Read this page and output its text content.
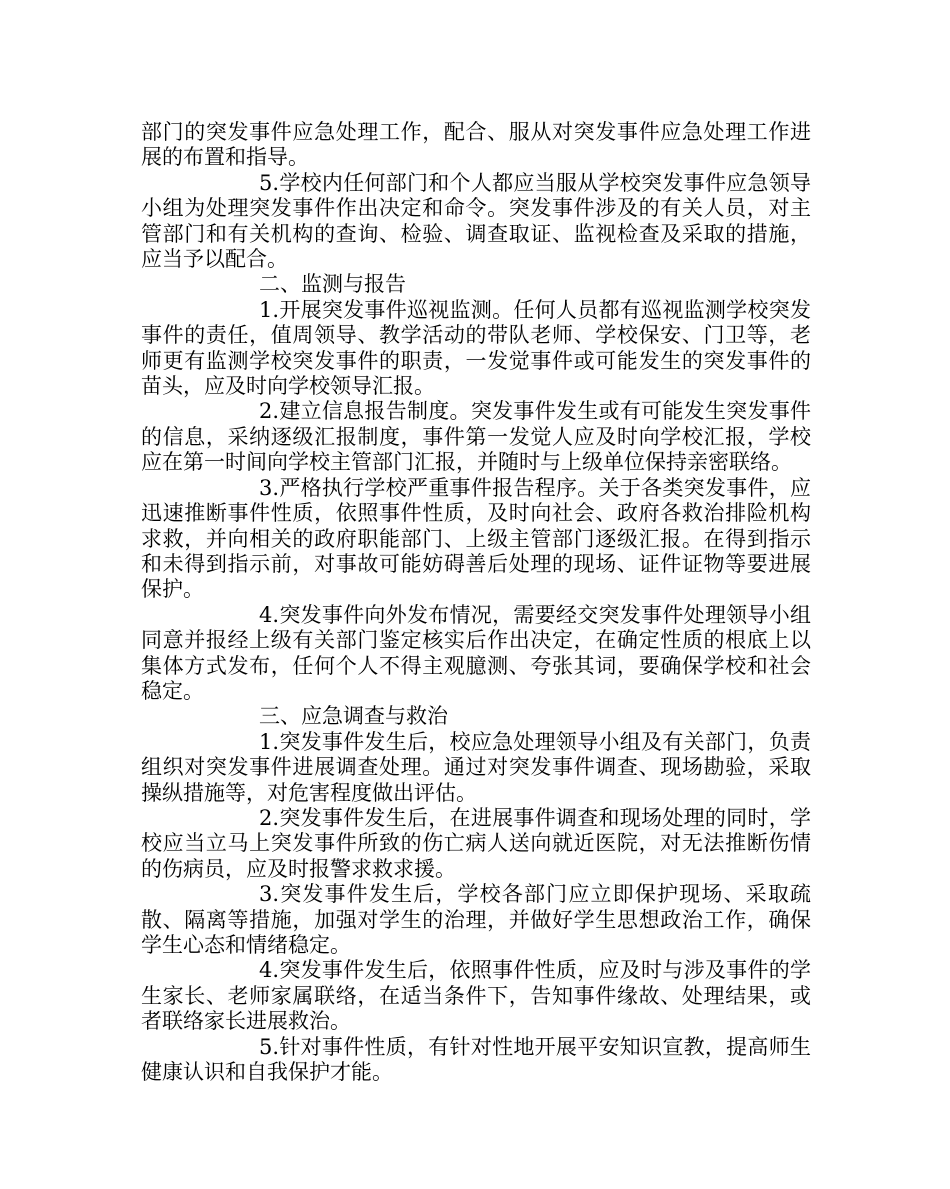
部门的突发事件应急处理工作，配合、服从对突发事件应急处理工作进展的布置和指导。

5.学校内任何部门和个人都应当服从学校突发事件应急领导小组为处理突发事件作出决定和命令。突发事件涉及的有关人员，对主管部门和有关机构的查询、检验、调查取证、监视检查及采取的措施，应当予以配合。

二、监测与报告

1.开展突发事件巡视监测。任何人员都有巡视监测学校突发事件的责任，值周领导、教学活动的带队老师、学校保安、门卫等，老师更有监测学校突发事件的职责，一发觉事件或可能发生的突发事件的苗头，应及时向学校领导汇报。

2.建立信息报告制度。突发事件发生或有可能发生突发事件的信息，采纳逐级汇报制度，事件第一发觉人应及时向学校汇报，学校应在第一时间向学校主管部门汇报，并随时与上级单位保持亲密联络。

3.严格执行学校严重事件报告程序。关于各类突发事件，应迅速推断事件性质，依照事件性质，及时向社会、政府各救治排险机构求救，并向相关的政府职能部门、上级主管部门逐级汇报。在得到指示和未得到指示前，对事故可能妨碍善后处理的现场、证件证物等要进展保护。

4.突发事件向外发布情况，需要经交突发事件处理领导小组同意并报经上级有关部门鉴定核实后作出决定，在确定性质的根底上以集体方式发布，任何个人不得主观臆测、夸张其词，要确保学校和社会稳定。

三、应急调查与救治

1.突发事件发生后，校应急处理领导小组及有关部门，负责组织对突发事件进展调查处理。通过对突发事件调查、现场勘验，采取操纵措施等，对危害程度做出评估。

2.突发事件发生后，在进展事件调查和现场处理的同时，学校应当立马上突发事件所致的伤亡病人送向就近医院，对无法推断伤情的伤病员，应及时报警求救求援。

3.突发事件发生后，学校各部门应立即保护现场、采取疏散、隔离等措施，加强对学生的治理，并做好学生思想政治工作，确保学生心态和情绪稳定。

4.突发事件发生后，依照事件性质，应及时与涉及事件的学生家长、老师家属联络，在适当条件下，告知事件缘故、处理结果，或者联络家长进展救治。

5.针对事件性质，有针对性地开展平安知识宣教，提高师生健康认识和自我保护才能。
